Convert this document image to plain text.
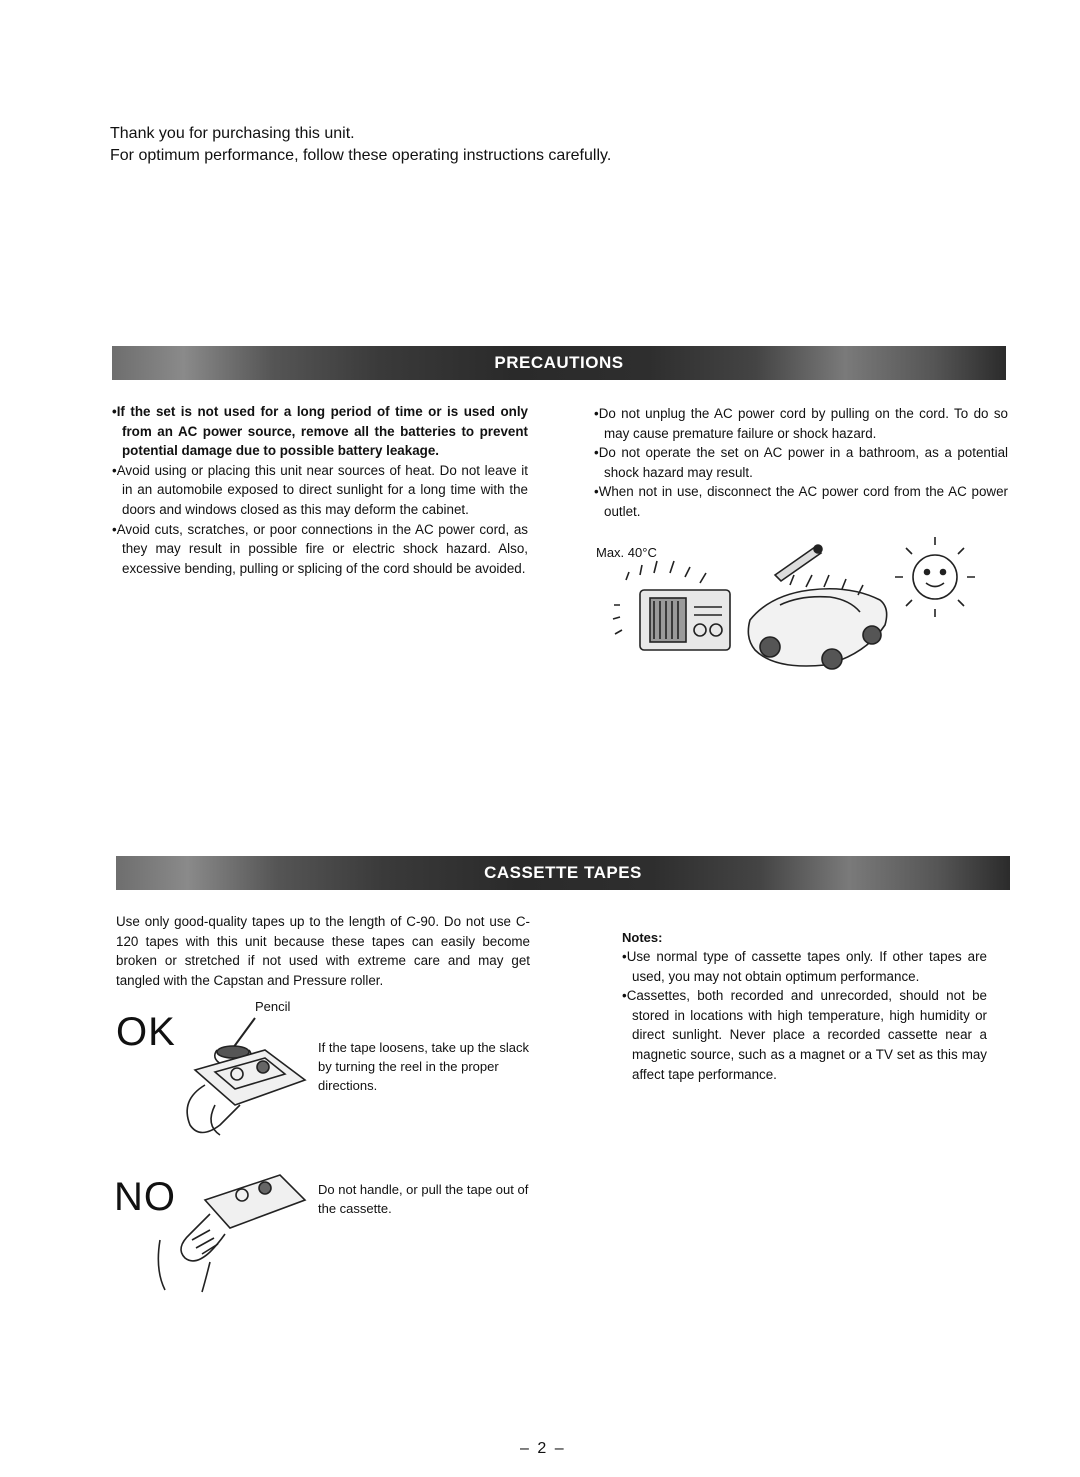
Thank you for purchasing this unit.
For optimum performance, follow these operating instructions carefully.
PRECAUTIONS

•If the set is not used for a long period of time or is used only from an AC power source, remove all the batteries to prevent potential damage due to possible battery leakage.

•Avoid using or placing this unit near sources of heat. Do not leave it in an automobile exposed to direct sunlight for a long time with the doors and windows closed as this may deform the cabinet.

•Avoid cuts, scratches, or poor connections in the AC power cord, as they may result in possible fire or electric shock hazard. Also, excessive bending, pulling or splicing of the cord should be avoided.

•Do not unplug the AC power cord by pulling on the cord. To do so may cause premature failure or shock hazard.

•Do not operate the set on AC power in a bathroom, as a potential shock hazard may result.

•When not in use, disconnect the AC power cord from the AC power outlet.

Max. 40°C
CASSETTE TAPES
Use only good-quality tapes up to the length of C-90. Do not use C-120 tapes with this unit because these tapes can easily become broken or stretched if not used with extreme care and may get tangled with the Capstan and Pressure roller.
OK
Pencil
If the tape loosens, take up the slack by turning the reel in the proper directions.
NO	Do not handle, or pull the tape out of the cassette.
Notes:

•Use normal type of cassette tapes only. If other tapes are used, you may not obtain optimum performance.

•Cassettes, both recorded and unrecorded, should not be stored in locations with high temperature, high humidity or direct sunlight. Never place a recorded cassette near a magnetic source, such as a magnet or a TV set as this may affect tape performance.

– 2 –
